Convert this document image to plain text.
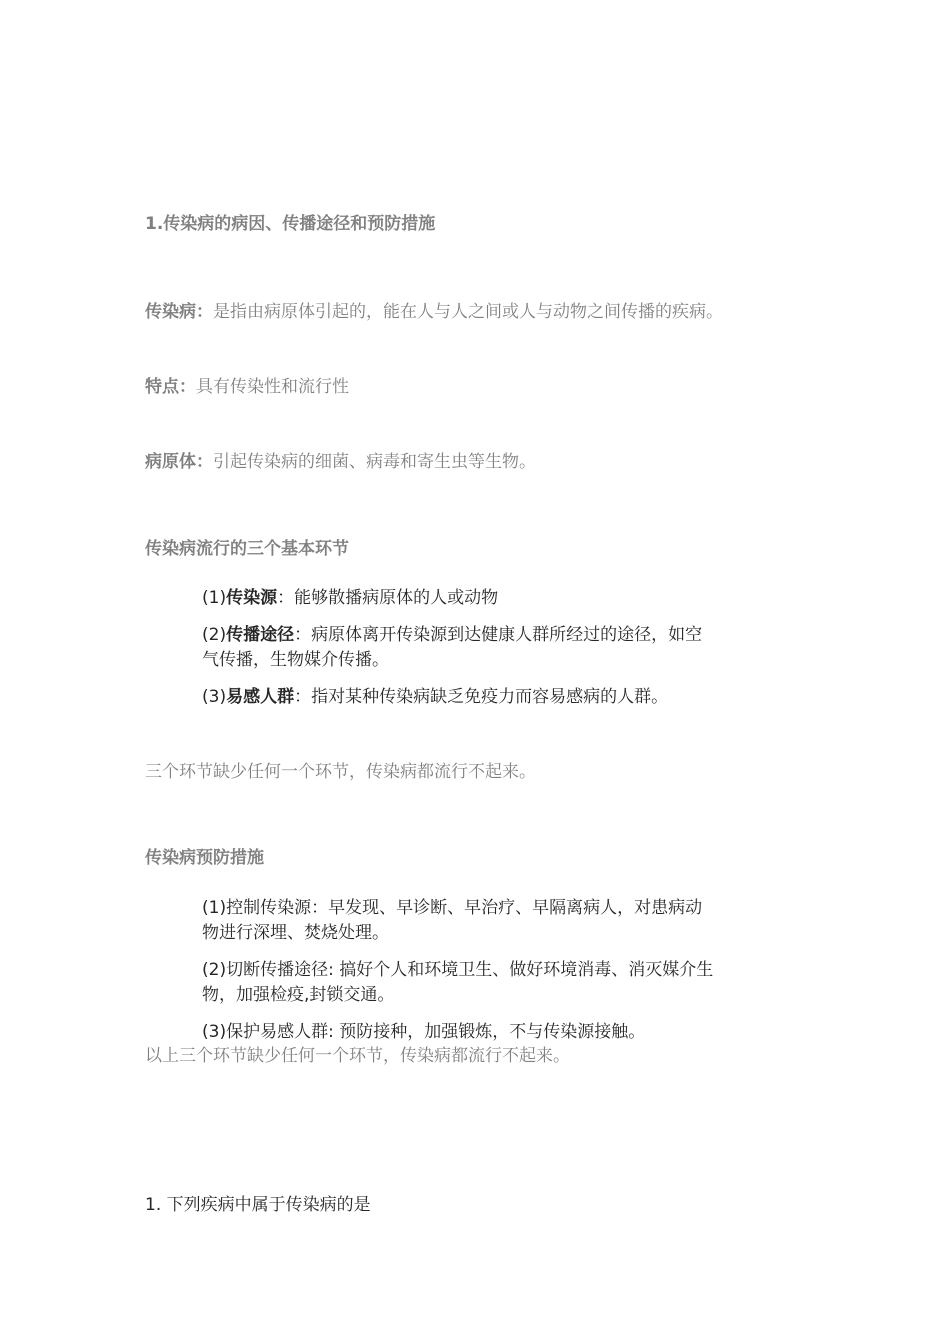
1.传染病的病因、传播途径和预防措施
传染病：是指由病原体引起的，能在人与人之间或人与动物之间传播的疾病。
特点：具有传染性和流行性
病原体：引起传染病的细菌、病毒和寄生虫等生物。
传染病流行的三个基本环节
(1)传染源：能够散播病原体的人或动物
(2)传播途径：病原体离开传染源到达健康人群所经过的途径，如空
气传播，生物媒介传播。
(3)易感人群：指对某种传染病缺乏免疫力而容易感病的人群。
三个环节缺少任何一个环节，传染病都流行不起来。
传染病预防措施
(1)控制传染源：早发现、早诊断、早治疗、早隔离病人，对患病动
物进行深埋、焚烧处理。
(2)切断传播途径: 搞好个人和环境卫生、做好环境消毒、消灭媒介生
物，加强检疫,封锁交通。
(3)保护易感人群: 预防接种，加强锻炼，不与传染源接触。
以上三个环节缺少任何一个环节，传染病都流行不起来。
1. 下列疾病中属于传染病的是
